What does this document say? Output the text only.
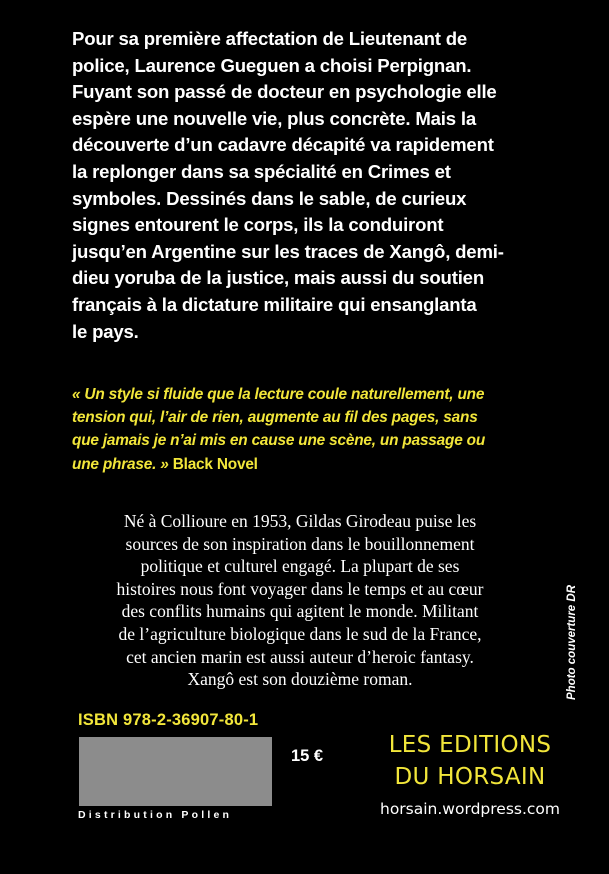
Pour sa première affectation de Lieutenant de
police, Laurence Gueguen a choisi Perpignan.
Fuyant son passé de docteur en psychologie elle
espère une nouvelle vie, plus concrète. Mais la
découverte d’un cadavre décapité va rapidement
la replonger dans sa spécialité en Crimes et
symboles. Dessinés dans le sable, de curieux
signes entourent le corps, ils la conduiront
jusqu’en Argentine sur les traces de Xangô, demi-
dieu yoruba de la justice, mais aussi du soutien
français à la dictature militaire qui ensanglanta
le pays.
« Un style si fluide que la lecture coule naturellement, une
tension qui, l’air de rien, augmente au fil des pages, sans
que jamais je n’ai mis en cause une scène, un passage ou
une phrase. » Black Novel
Né à Collioure en 1953, Gildas Girodeau puise les
sources de son inspiration dans le bouillonnement
politique et culturel engagé. La plupart de ses
histoires nous font voyager dans le temps et au cœur
des conflits humains qui agitent le monde. Militant
de l’agriculture biologique dans le sud de la France,
cet ancien marin est aussi auteur d’heroic fantasy.
Xangô est son douzième roman.	Photo couverture DR
ISBN 978-2-36907-80-1
Distribution Pollen
15 €	LES EDITIONS
DU HORSAIN
horsain.wordpress.com
